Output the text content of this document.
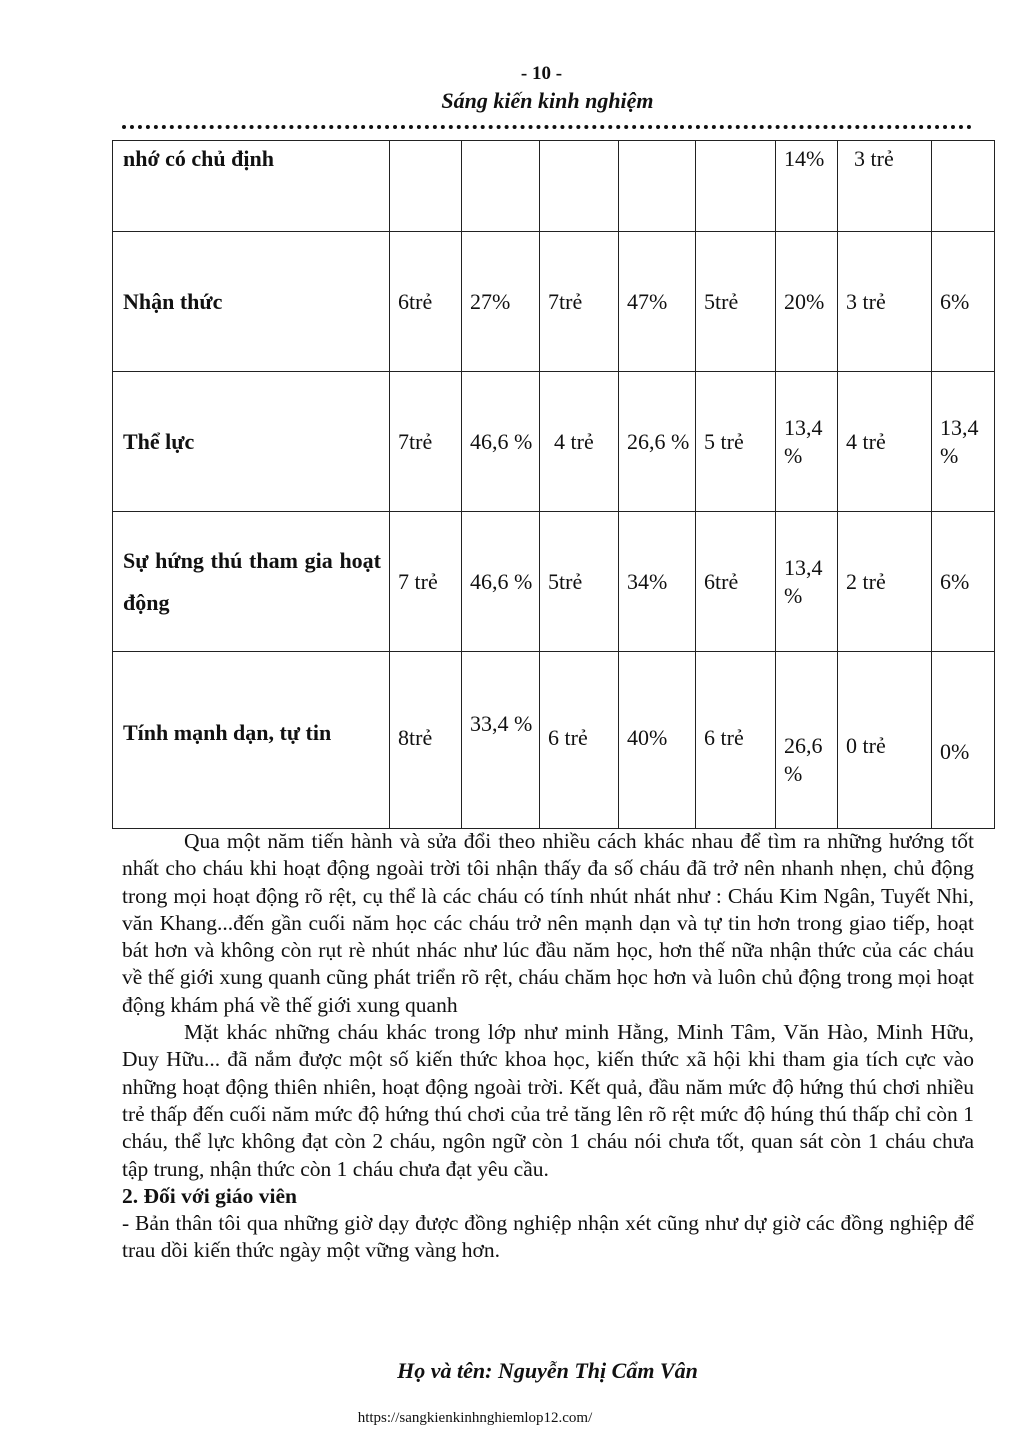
- 10 -
Sáng kiến kinh nghiệm
nhớ có chủ định						14%	3 trẻ	
Nhận thức	6trẻ	27%	7trẻ	47%	5trẻ	20%	3 trẻ	6%
Thể lực	7trẻ	46,6 %	4 trẻ	26,6 %	5 trẻ	13,4 %	4 trẻ	13,4 %
Sự hứng thú tham gia hoạt động	7 trẻ	46,6 %	5trẻ	34%	6trẻ	13,4 %	2 trẻ	6%
Tính mạnh dạn, tự tin	8trẻ	33,4 %	6 trẻ	40%	6 trẻ	26,6 %	0 trẻ	0%

Qua một năm tiến hành và sửa đổi theo nhiều cách khác nhau để tìm ra những hướng tốt nhất cho cháu khi hoạt động ngoài trời tôi nhận thấy đa số cháu đã trở nên nhanh nhẹn, chủ động trong mọi hoạt động rõ rệt, cụ thể là các cháu có tính nhút nhát như : Cháu Kim Ngân, Tuyết Nhi, văn Khang...đến gần cuối năm học các cháu trở nên mạnh dạn và tự tin hơn trong giao tiếp, hoạt bát hơn và không còn rụt rè nhút nhác như lúc đầu năm học, hơn thế nữa nhận thức của các cháu về thế giới xung quanh cũng phát triển rõ rệt, cháu chăm học hơn và luôn chủ động trong mọi hoạt động khám phá về thế giới xung quanh

Mặt khác những cháu khác trong lớp như minh Hằng, Minh Tâm, Văn Hào, Minh Hữu, Duy Hữu... đã nắm được một số kiến thức khoa học, kiến thức xã hội khi tham gia tích cực vào những hoạt động thiên nhiên, hoạt động ngoài trời. Kết quả, đầu năm mức độ hứng thú chơi nhiều trẻ thấp đến cuối năm mức độ hứng thú chơi của trẻ tăng lên rõ rệt mức độ húng thú thấp chỉ còn 1 cháu, thể lực không đạt còn 2 cháu, ngôn ngữ còn 1 cháu nói chưa tốt, quan sát còn 1 cháu chưa tập trung, nhận thức còn 1 cháu chưa đạt yêu cầu.

2. Đối với giáo viên

- Bản thân tôi qua những giờ dạy được đồng nghiệp nhận xét cũng như dự giờ các đồng nghiệp để trau dồi kiến thức ngày một vững vàng hơn.

Họ và tên: Nguyễn Thị Cẩm Vân
https://sangkienkinhnghiemlop12.com/
